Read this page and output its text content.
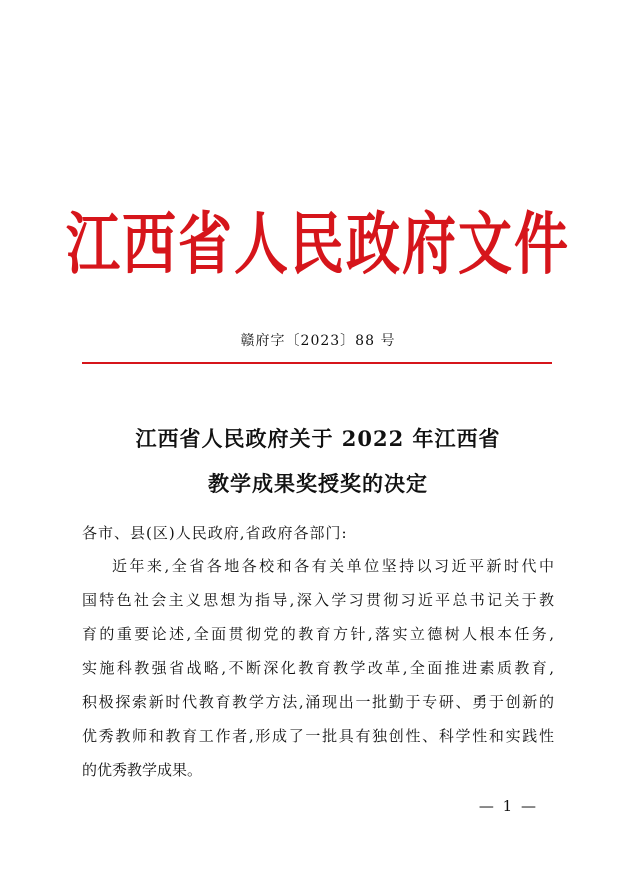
江西省人民政府文件
赣府字〔2023〕88 号
江西省人民政府关于 2022 年江西省
教学成果奖授奖的决定
各市、县(区)人民政府,省政府各部门:
近年来,全省各地各校和各有关单位坚持以习近平新时代中
国特色社会主义思想为指导,深入学习贯彻习近平总书记关于教
育的重要论述,全面贯彻党的教育方针,落实立德树人根本任务,
实施科教强省战略,不断深化教育教学改革,全面推进素质教育,
积极探索新时代教育教学方法,涌现出一批勤于专研、勇于创新的
优秀教师和教育工作者,形成了一批具有独创性、科学性和实践性
的优秀教学成果。
— 1 —
